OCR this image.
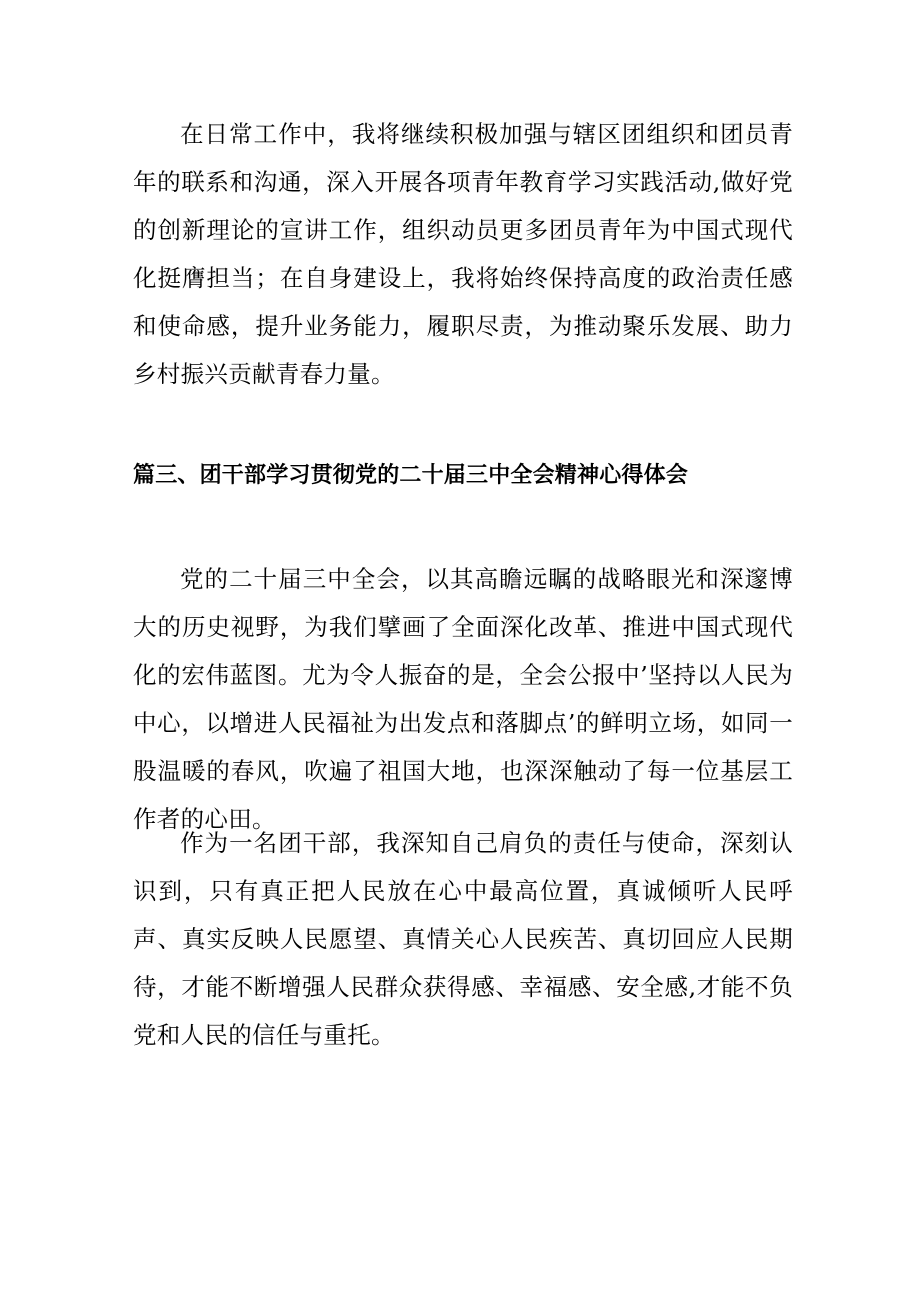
在日常工作中，我将继续积极加强与辖区团组织和团员青年的联系和沟通，深入开展各项青年教育学习实践活动,做好党的创新理论的宣讲工作，组织动员更多团员青年为中国式现代化挺膺担当；在自身建设上，我将始终保持高度的政治责任感和使命感，提升业务能力，履职尽责，为推动聚乐发展、助力乡村振兴贡献青春力量。

篇三、团干部学习贯彻党的二十届三中全会精神心得体会

党的二十届三中全会，以其高瞻远瞩的战略眼光和深邃博大的历史视野，为我们擘画了全面深化改革、推进中国式现代化的宏伟蓝图。尤为令人振奋的是，全会公报中’坚持以人民为中心，以增进人民福祉为出发点和落脚点’的鲜明立场，如同一股温暖的春风，吹遍了祖国大地，也深深触动了每一位基层工作者的心田。

作为一名团干部，我深知自己肩负的责任与使命，深刻认识到，只有真正把人民放在心中最高位置，真诚倾听人民呼声、真实反映人民愿望、真情关心人民疾苦、真切回应人民期待，才能不断增强人民群众获得感、幸福感、安全感,才能不负党和人民的信任与重托。
